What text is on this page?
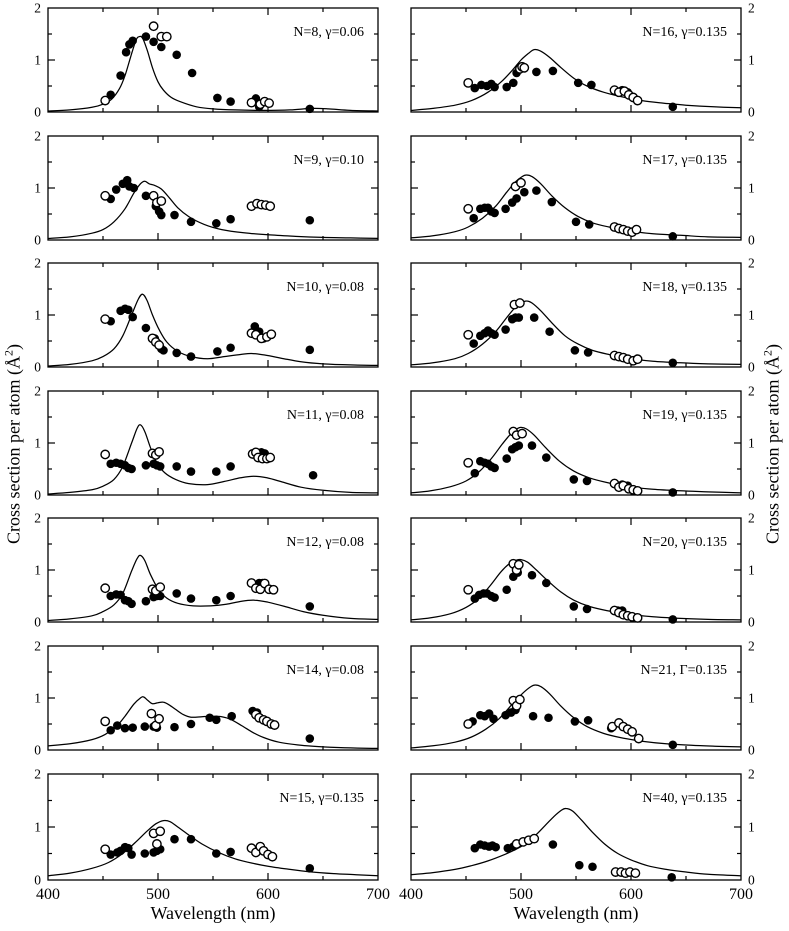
0
1
2
N=8, γ=0.06
0
1
2
N=9, γ=0.10
0
1
2
N=10, γ=0.08
0
1
2
N=11, γ=0.08
0
1
2
N=12, γ=0.08
0
1
2
N=14, γ=0.08
0
1
2
400	500	600	700
N=15, γ=0.135
0
1
2
N=16, γ=0.135
0
1
2
N=17, γ=0.135
0
1
2
N=18, γ=0.135
0
1
2
N=19, γ=0.135
0
1
2
N=20, γ=0.135
0
1
2
N=21, Γ=0.135
0
1
2
400	500	600	700
N=40, γ=0.135
Cross section per atom $(Å^2)$
Cross section per atom $(Å^2)$
Wavelength (nm)	Wavelength (nm)
